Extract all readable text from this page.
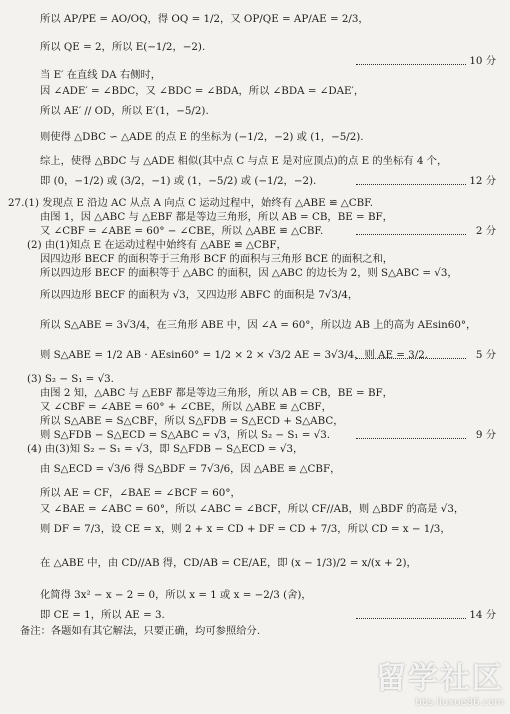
所以 AP/PE = AO/OQ，得 OQ = 1/2，又 OP/QE = AP/AE = 2/3，
所以 QE = 2，所以 E(−1/2，−2).
当 E′ 在直线 DA 右侧时，
因 ∠ADE′ = ∠BDC，又 ∠BDC = ∠BDA，所以 ∠BDA = ∠DAE′，
所以 AE′ // OD，所以 E′(1，−5/2).
则使得 △DBC ∽ △ADE 的点 E 的坐标为 (−1/2，−2) 或 (1，−5/2).
综上，使得 △BDC 与 △ADE 相似(其中点 C 与点 E 是对应顶点)的点 E 的坐标有 4 个，
即 (0，−1/2) 或 (3/2，−1) 或 (1，−5/2) 或 (−1/2，−2).
27.(1) 发现点 E 沿边 AC 从点 A 向点 C 运动过程中，始终有 △ABE ≌ △CBF.
由图 1，因 △ABC 与 △EBF 都是等边三角形，所以 AB = CB，BE = BF，
又 ∠CBF = ∠ABE = 60° − ∠CBE，所以 △ABE ≌ △CBF.
(2) 由(1)知点 E 在运动过程中始终有 △ABE ≌ △CBF，
因四边形 BECF 的面积等于三角形 BCF 的面积与三角形 BCE 的面积之和，
所以四边形 BECF 的面积等于 △ABC 的面积，因 △ABC 的边长为 2，则 S△ABC = √3，
所以四边形 BECF 的面积为 √3，又四边形 ABFC 的面积是 7√3/4，
所以 S△ABE = 3√3/4，在三角形 ABE 中，因 ∠A = 60°，所以边 AB 上的高为 AEsin60°，
则 S△ABE = 1/2 AB · AEsin60° = 1/2 × 2 × √3/2 AE = 3√3/4，则 AE = 3/2.
(3) S₂ − S₁ = √3.
由图 2 知，△ABC 与 △EBF 都是等边三角形，所以 AB = CB，BE = BF，
又 ∠CBF = ∠ABE = 60° + ∠CBE，所以 △ABE ≌ △CBF，
所以 S△ABE = S△CBF，所以 S△FDB = S△ECD + S△ABC，
则 S△FDB − S△ECD = S△ABC = √3，所以 S₂ − S₁ = √3.
(4) 由(3)知 S₂ − S₁ = √3，即 S△FDB − S△ECD = √3，
由 S△ECD = √3/6 得 S△BDF = 7√3/6，因 △ABE ≌ △CBF，
所以 AE = CF，∠BAE = ∠BCF = 60°，
又 ∠BAE = ∠ABC = 60°，所以 ∠ABC = ∠BCF，所以 CF//AB，则 △BDF 的高是 √3，
则 DF = 7/3，设 CE = x，则 2 + x = CD + DF = CD + 7/3，所以 CD = x − 1/3，
在 △ABE 中，由 CD//AB 得，CD/AB = CE/AE，即 (x − 1/3)/2 = x/(x + 2)，
化简得 3x² − x − 2 = 0，所以 x = 1 或 x = −2/3 (舍)，
即 CE = 1，所以 AE = 3.
备注：各题如有其它解法，只要正确，均可参照给分.
10 分
12 分
2 分
5 分
9 分
14 分
留学社区
bbs.liuxue86.com
